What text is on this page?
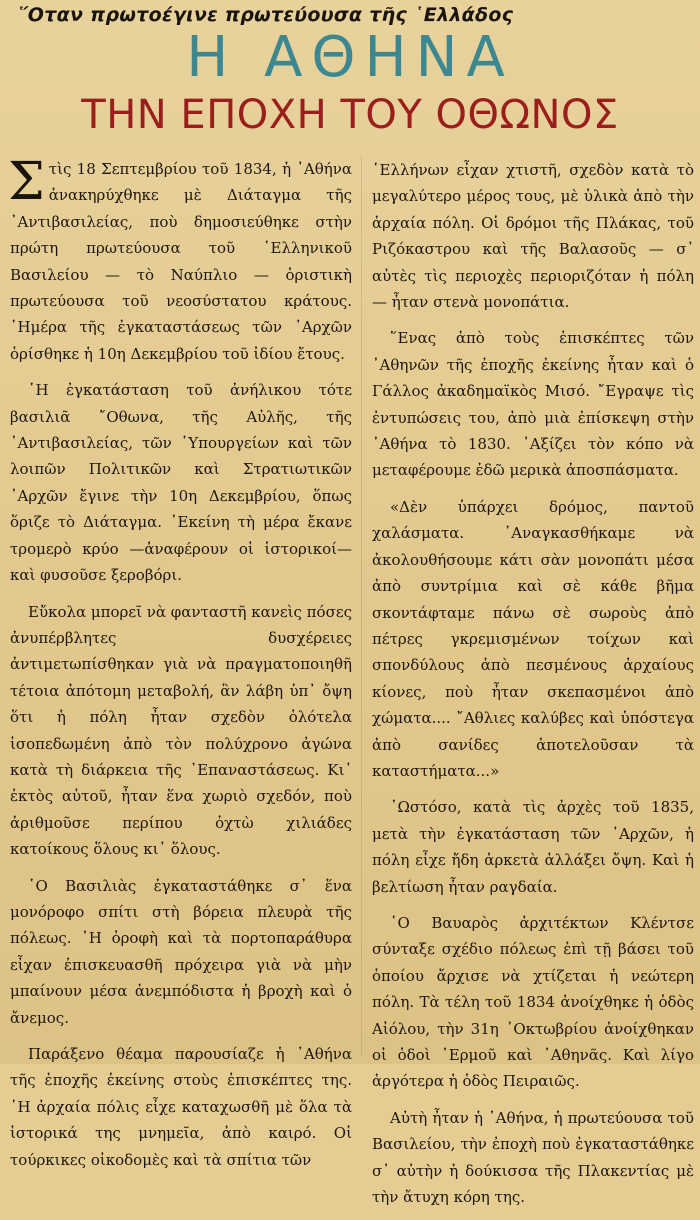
῞Οταν πρωτοέγινε πρωτεύουσα τῆς ῾Ελλάδος
Η ΑΘΗΝΑ
ΤΗΝ ΕΠΟΧΗ ΤΟΥ ΟΘΩΝΟΣ

Στὶς 18 Σεπτεμβρίου τοῦ 1834, ἡ ᾿Αθήνα ἀνακηρύχθηκε μὲ Διάταγμα τῆς ᾿Αντιβασιλείας, ποὺ δημοσιεύθηκε στὴν πρώτη πρωτεύουσα τοῦ ῾Ελληνικοῦ Βασιλείου — τὸ Ναύπλιο — ὁριστικὴ πρωτεύουσα τοῦ νεοσύστατου κράτους. ῾Ημέρα τῆς ἐγκαταστάσεως τῶν ᾿Αρχῶν ὁρίσθηκε ἡ 10η Δεκεμβρίου τοῦ ἰδίου ἔτους.

῾Η ἐγκατάσταση τοῦ ἀνήλικου τότε βασιλιᾶ ῎Οθωνα, τῆς Αὐλῆς, τῆς ᾿Αντιβασιλείας, τῶν ῾Υπουργείων καὶ τῶν λοιπῶν Πολιτικῶν καὶ Στρατιωτικῶν ᾿Αρχῶν ἔγινε τὴν 10η Δεκεμβρίου, ὅπως ὅριζε τὸ Διάταγμα. ᾿Εκείνη τὴ μέρα ἔκανε τρομερὸ κρύο —ἀναφέρουν οἱ ἱστορικοί— καὶ φυσοῦσε ξεροβόρι.

Εὔκολα μπορεῖ νὰ φανταστῆ κανεὶς πόσες ἀνυπέρβλητες δυσχέρειες ἀντιμετωπίσθηκαν γιὰ νὰ πραγματοποιηθῆ τέτοια ἀπότομη μεταβολή, ἂν λάβη ὑπ᾿ ὄψη ὅτι ἡ πόλη ἦταν σχεδὸν ὁλότελα ἰσοπεδωμένη ἀπὸ τὸν πολύχρονο ἀγώνα κατὰ τὴ διάρκεια τῆς ᾿Επαναστάσεως. Κι᾿ ἐκτὸς αὐτοῦ, ἦταν ἕνα χωριὸ σχεδόν, ποὺ ἀριθμοῦσε περίπου ὀχτὼ χιλιάδες κατοίκους ὅλους κι᾿ ὅλους.

῾Ο Βασιλιὰς ἐγκαταστάθηκε σ᾿ ἕνα μονόροφο σπίτι στὴ βόρεια πλευρὰ τῆς πόλεως. ῾Η ὀροφὴ καὶ τὰ πορτοπαράθυρα εἶχαν ἐπισκευασθῆ πρόχειρα γιὰ νὰ μὴν μπαίνουν μέσα ἀνεμπόδιστα ἡ βροχὴ καὶ ὁ ἄνεμος.

Παράξενο θέαμα παρουσίαζε ἡ ᾿Αθήνα τῆς ἐποχῆς ἐκείνης στοὺς ἐπισκέπτες της. ῾Η ἀρχαία πόλις εἶχε καταχωσθῆ μὲ ὅλα τὰ ἱστορικά της μνημεῖα, ἀπὸ καιρό. Οἱ τούρκικες οἰκοδομὲς καὶ τὰ σπίτια τῶν

῾Ελλήνων εἶχαν χτιστῆ, σχεδὸν κατὰ τὸ μεγαλύτερο μέρος τους, μὲ ὑλικὰ ἀπὸ τὴν ἀρχαία πόλη. Οἱ δρόμοι τῆς Πλάκας, τοῦ Ριζόκαστρου καὶ τῆς Βαλασοῦς — σ᾿ αὐτὲς τὶς περιοχὲς περιοριζόταν ἡ πόλη — ἦταν στενὰ μονοπάτια.

῞Ενας ἀπὸ τοὺς ἐπισκέπτες τῶν ᾿Αθηνῶν τῆς ἐποχῆς ἐκείνης ἦταν καὶ ὁ Γάλλος ἀκαδημαϊκὸς Μισό. ῎Εγραψε τὶς ἐντυπώσεις του, ἀπὸ μιὰ ἐπίσκεψη στὴν ᾿Αθήνα τὸ 1830. ᾿Αξίζει τὸν κόπο νὰ μεταφέρουμε ἐδῶ μερικὰ ἀποσπάσματα.

«Δὲν ὑπάρχει δρόμος, παντοῦ χαλάσματα. ᾿Αναγκασθήκαμε νὰ ἀκολουθήσουμε κάτι σὰν μονοπάτι μέσα ἀπὸ συντρίμια καὶ σὲ κάθε βῆμα σκοντάφταμε πάνω σὲ σωροὺς ἀπὸ πέτρες γκρεμισμένων τοίχων καὶ σπονδύλους ἀπὸ πεσμένους ἀρχαίους κίονες, ποὺ ἦταν σκεπασμένοι ἀπὸ χώματα.... ῎Αθλιες καλύβες καὶ ὑπόστεγα ἀπὸ σανίδες ἀποτελοῦσαν τὰ καταστήματα...»

᾿Ωστόσο, κατὰ τὶς ἀρχὲς τοῦ 1835, μετὰ τὴν ἐγκατάσταση τῶν ᾿Αρχῶν, ἡ πόλη εἶχε ἤδη ἀρκετὰ ἀλλάξει ὄψη. Καὶ ἡ βελτίωση ἦταν ραγδαία.

῾Ο Βαυαρὸς ἀρχιτέκτων Κλέντσε σύνταξε σχέδιο πόλεως ἐπὶ τῇ βάσει τοῦ ὁποίου ἄρχισε νὰ χτίζεται ἡ νεώτερη πόλη. Τὰ τέλη τοῦ 1834 ἀνοίχθηκε ἡ ὁδὸς Αἰόλου, τὴν 31η ᾿Οκτωβρίου ἀνοίχθηκαν οἱ ὁδοὶ ῾Ερμοῦ καὶ ᾿Αθηνᾶς. Καὶ λίγο ἀργότερα ἡ ὁδὸς Πειραιῶς.

Αὐτὴ ἦταν ἡ ᾿Αθήνα, ἡ πρωτεύουσα τοῦ Βασιλείου, τὴν ἐποχὴ ποὺ ἐγκαταστάθηκε σ᾿ αὐτὴν ἡ δούκισσα τῆς Πλακεντίας μὲ τὴν ἄτυχη κόρη της.
